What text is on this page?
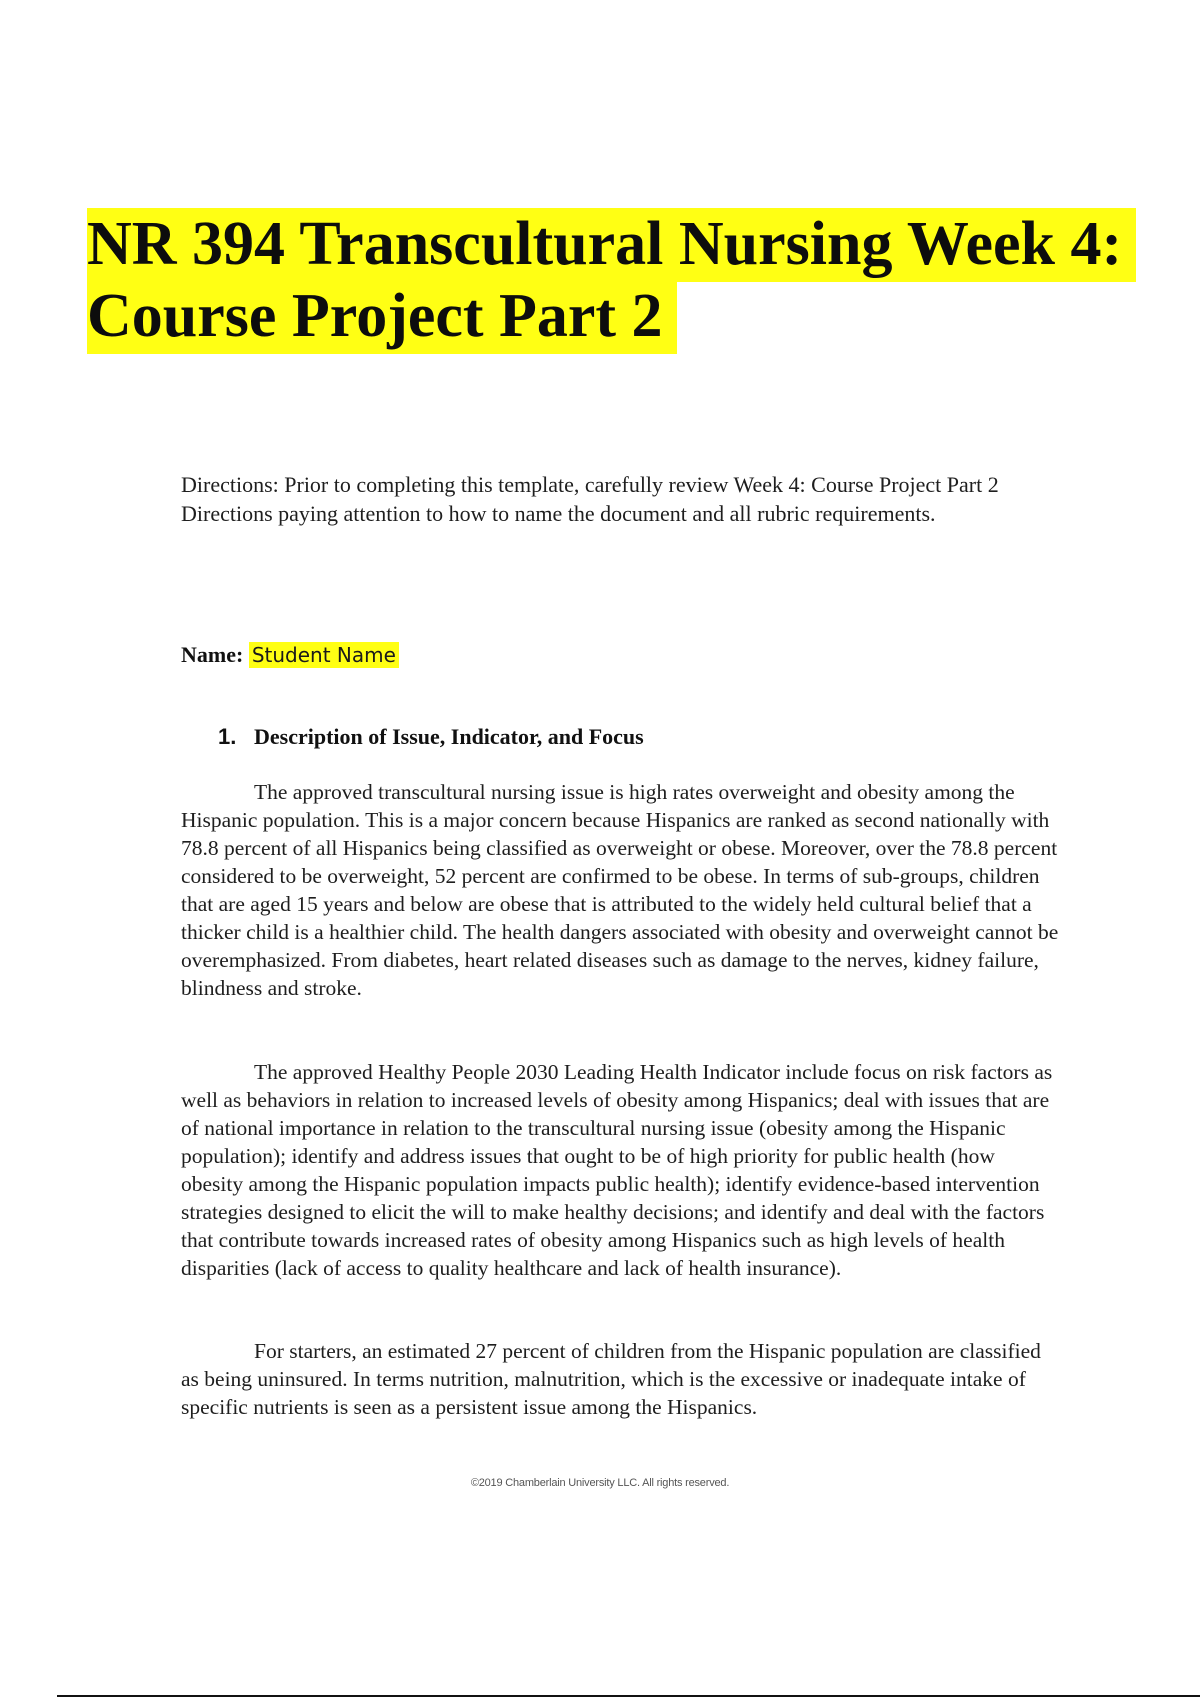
NR 394 Transcultural Nursing Week 4: Course Project Part 2

Directions: Prior to completing this template, carefully review Week 4: Course Project Part 2 Directions paying attention to how to name the document and all rubric requirements.

Name: Student Name

1. Description of Issue, Indicator, and Focus

The approved transcultural nursing issue is high rates overweight and obesity among the Hispanic population. This is a major concern because Hispanics are ranked as second nationally with 78.8 percent of all Hispanics being classified as overweight or obese. Moreover, over the 78.8 percent considered to be overweight, 52 percent are confirmed to be obese. In terms of sub-groups, children that are aged 15 years and below are obese that is attributed to the widely held cultural belief that a thicker child is a healthier child. The health dangers associated with obesity and overweight cannot be overemphasized. From diabetes, heart related diseases such as damage to the nerves, kidney failure, blindness and stroke.

The approved Healthy People 2030 Leading Health Indicator include focus on risk factors as well as behaviors in relation to increased levels of obesity among Hispanics; deal with issues that are of national importance in relation to the transcultural nursing issue (obesity among the Hispanic population); identify and address issues that ought to be of high priority for public health (how obesity among the Hispanic population impacts public health); identify evidence-based intervention strategies designed to elicit the will to make healthy decisions; and identify and deal with the factors that contribute towards increased rates of obesity among Hispanics such as high levels of health disparities (lack of access to quality healthcare and lack of health insurance).

For starters, an estimated 27 percent of children from the Hispanic population are classified as being uninsured. In terms nutrition, malnutrition, which is the excessive or inadequate intake of specific nutrients is seen as a persistent issue among the Hispanics.

©2019 Chamberlain University LLC. All rights reserved.
